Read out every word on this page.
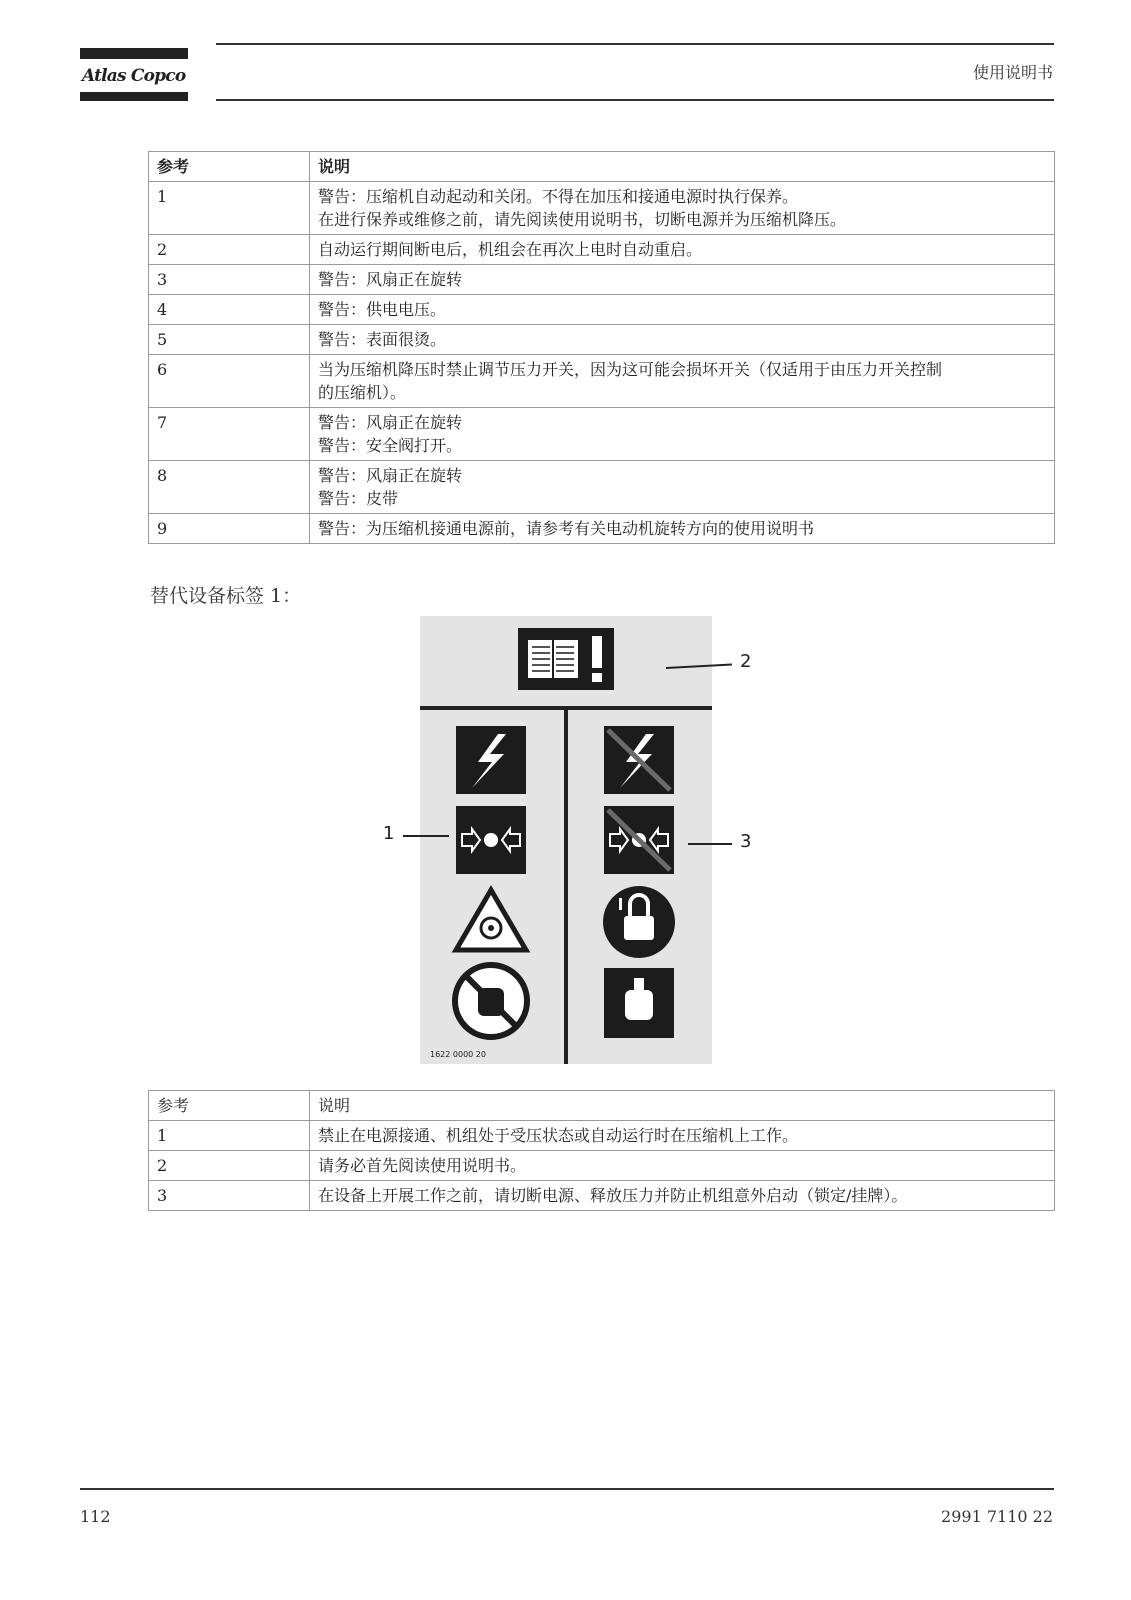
Atlas Copco	使用说明书
参考	说明
1	警告：压缩机自动起动和关闭。不得在加压和接通电源时执行保养。
在进行保养或维修之前，请先阅读使用说明书，切断电源并为压缩机降压。

2	自动运行期间断电后，机组会在再次上电时自动重启。

3	警告：风扇正在旋转

4	警告：供电电压。

5	警告：表面很烫。

6	当为压缩机降压时禁止调节压力开关，因为这可能会损坏开关（仅适用于由压力开关控制
的压缩机）。

7	警告：风扇正在旋转
警告：安全阀打开。

8	警告：风扇正在旋转
警告：皮带

9	警告：为压缩机接通电源前，请参考有关电动机旋转方向的使用说明书
替代设备标签 1：
1622 0000 20
1
2
3
参考	说明
1	禁止在电源接通、机组处于受压状态或自动运行时在压缩机上工作。

2	请务必首先阅读使用说明书。

3	在设备上开展工作之前，请切断电源、释放压力并防止机组意外启动（锁定/挂牌）。
112	2991 7110 22
